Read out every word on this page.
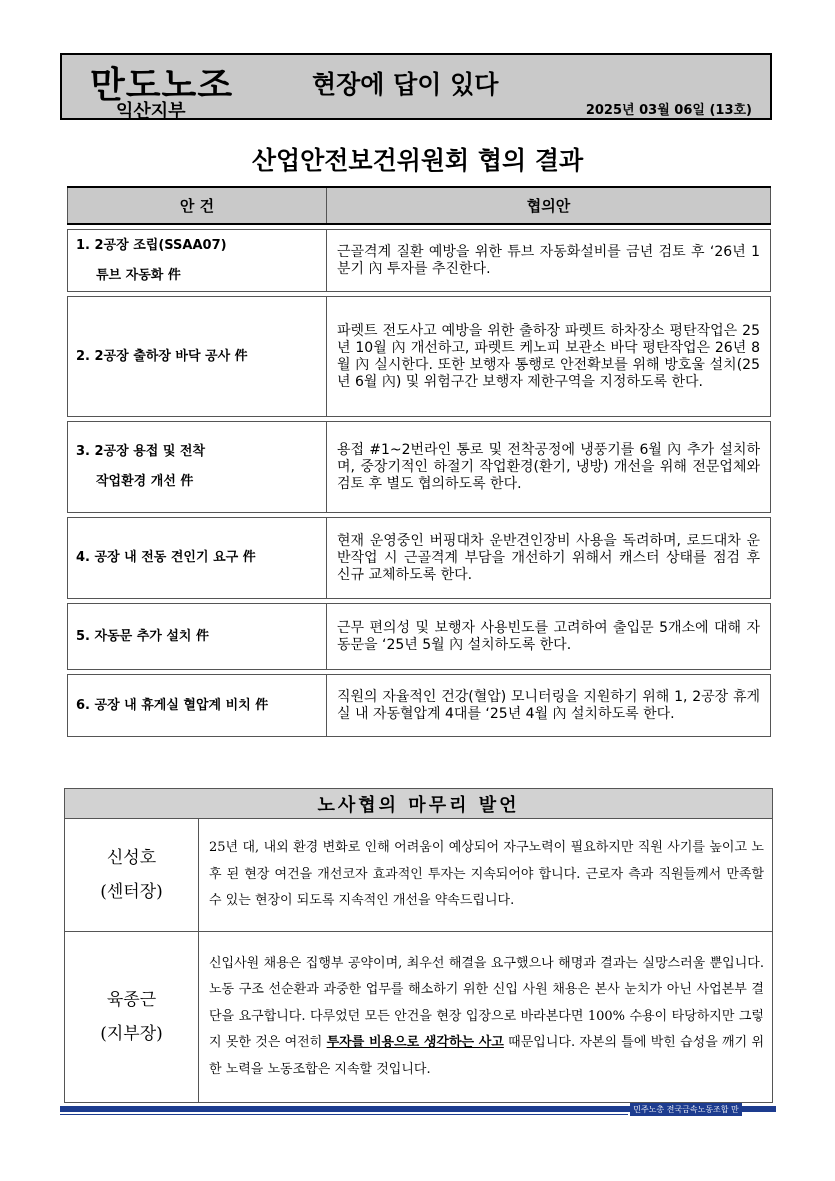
만도노조
익산지부
현장에 답이 있다
2025년 03월 06일 (13호)
산업안전보건위원회 협의 결과
안 건	협의안

1. 2공장 조립(SSAA07)

튜브 자동화 件	근골격계 질환 예방을 위한 튜브 자동화설비를 금년 검토 후 ‘26년 1분기 內 투자를 추진한다.

2. 2공장 출하장 바닥 공사 件	파렛트 전도사고 예방을 위한 출하장 파렛트 하차장소 평탄작업은 25년 10월 內 개선하고, 파렛트 케노피 보관소 바닥 평탄작업은 26년 8월 內 실시한다. 또한 보행자 통행로 안전확보를 위해 방호울 설치(25년 6월 內) 및 위험구간 보행자 제한구역을 지정하도록 한다.

3. 2공장 용접 및 전착

작업환경 개선 件	용접 #1~2번라인 통로 및 전착공정에 냉풍기를 6월 內 추가 설치하며, 중장기적인 하절기 작업환경(환기, 냉방) 개선을 위해 전문업체와 검토 후 별도 협의하도록 한다.

4. 공장 내 전동 견인기 요구 件	현재 운영중인 버핑대차 운반견인장비 사용을 독려하며, 로드대차 운반작업 시 근골격계 부담을 개선하기 위해서 캐스터 상태를 점검 후 신규 교체하도록 한다.

5. 자동문 추가 설치 件	근무 편의성 및 보행자 사용빈도를 고려하여 출입문 5개소에 대해 자동문을 ‘25년 5월 內 설치하도록 한다.

6. 공장 내 휴게실 혈압계 비치 件	직원의 자율적인 건강(혈압) 모니터링을 지원하기 위해 1, 2공장 휴게실 내 자동혈압계 4대를 ‘25년 4월 內 설치하도록 한다.
노사협의 마무리 발언	
신성호
(센터장)	25년 대, 내외 환경 변화로 인해 어려움이 예상되어 자구노력이 필요하지만 직원 사기를 높이고 노후 된 현장 여건을 개선코자 효과적인 투자는 지속되어야 합니다. 근로자 측과 직원들께서 만족할 수 있는 현장이 되도록 지속적인 개선을 약속드립니다.
육종근
(지부장)	신입사원 채용은 집행부 공약이며, 최우선 해결을 요구했으나 해명과 결과는 실망스러울 뿐입니다. 노동 구조 선순환과 과중한 업무를 해소하기 위한 신입 사원 채용은 본사 눈치가 아닌 사업본부 결단을 요구합니다. 다루었던 모든 안건을 현장 입장으로 바라본다면 100% 수용이 타당하지만 그렇지 못한 것은 여전히 투자를 비용으로 생각하는 사고 때문입니다. 자본의 틀에 박힌 습성을 깨기 위한 노력을 노동조합은 지속할 것입니다.
민주노총 전국금속노동조합 만도지부
